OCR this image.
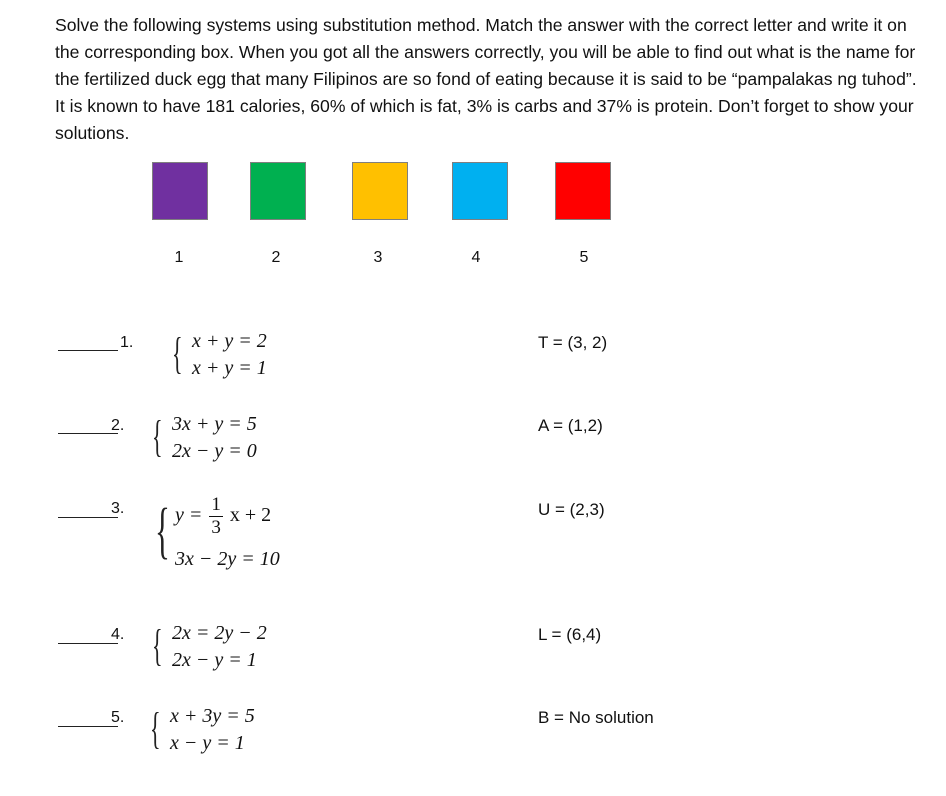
Solve the following systems using substitution method. Match the answer with the correct letter and write it on the corresponding box. When you got all the answers correctly, you will be able to find out what is the name for the fertilized duck egg that many Filipinos are so fond of eating because it is said to be “pampalakas ng tuhod”. It is known to have 181 calories, 60% of which is fat, 3% is carbs and 37% is protein. Don’t forget to show your solutions.

1	2	3	4	5
1. { x + y = 2
x + y = 1
T = (3, 2)
2. { 3x + y = 5
2x − y = 0
A = (1,2)
3. { $y = \frac{1}{3}$ x + 2
3x − 2y = 10
U = (2,3)
4. { 2x = 2y − 2
2x − y = 1
L = (6,4)
5. { x + 3y = 5
x − y = 1
B = No solution
